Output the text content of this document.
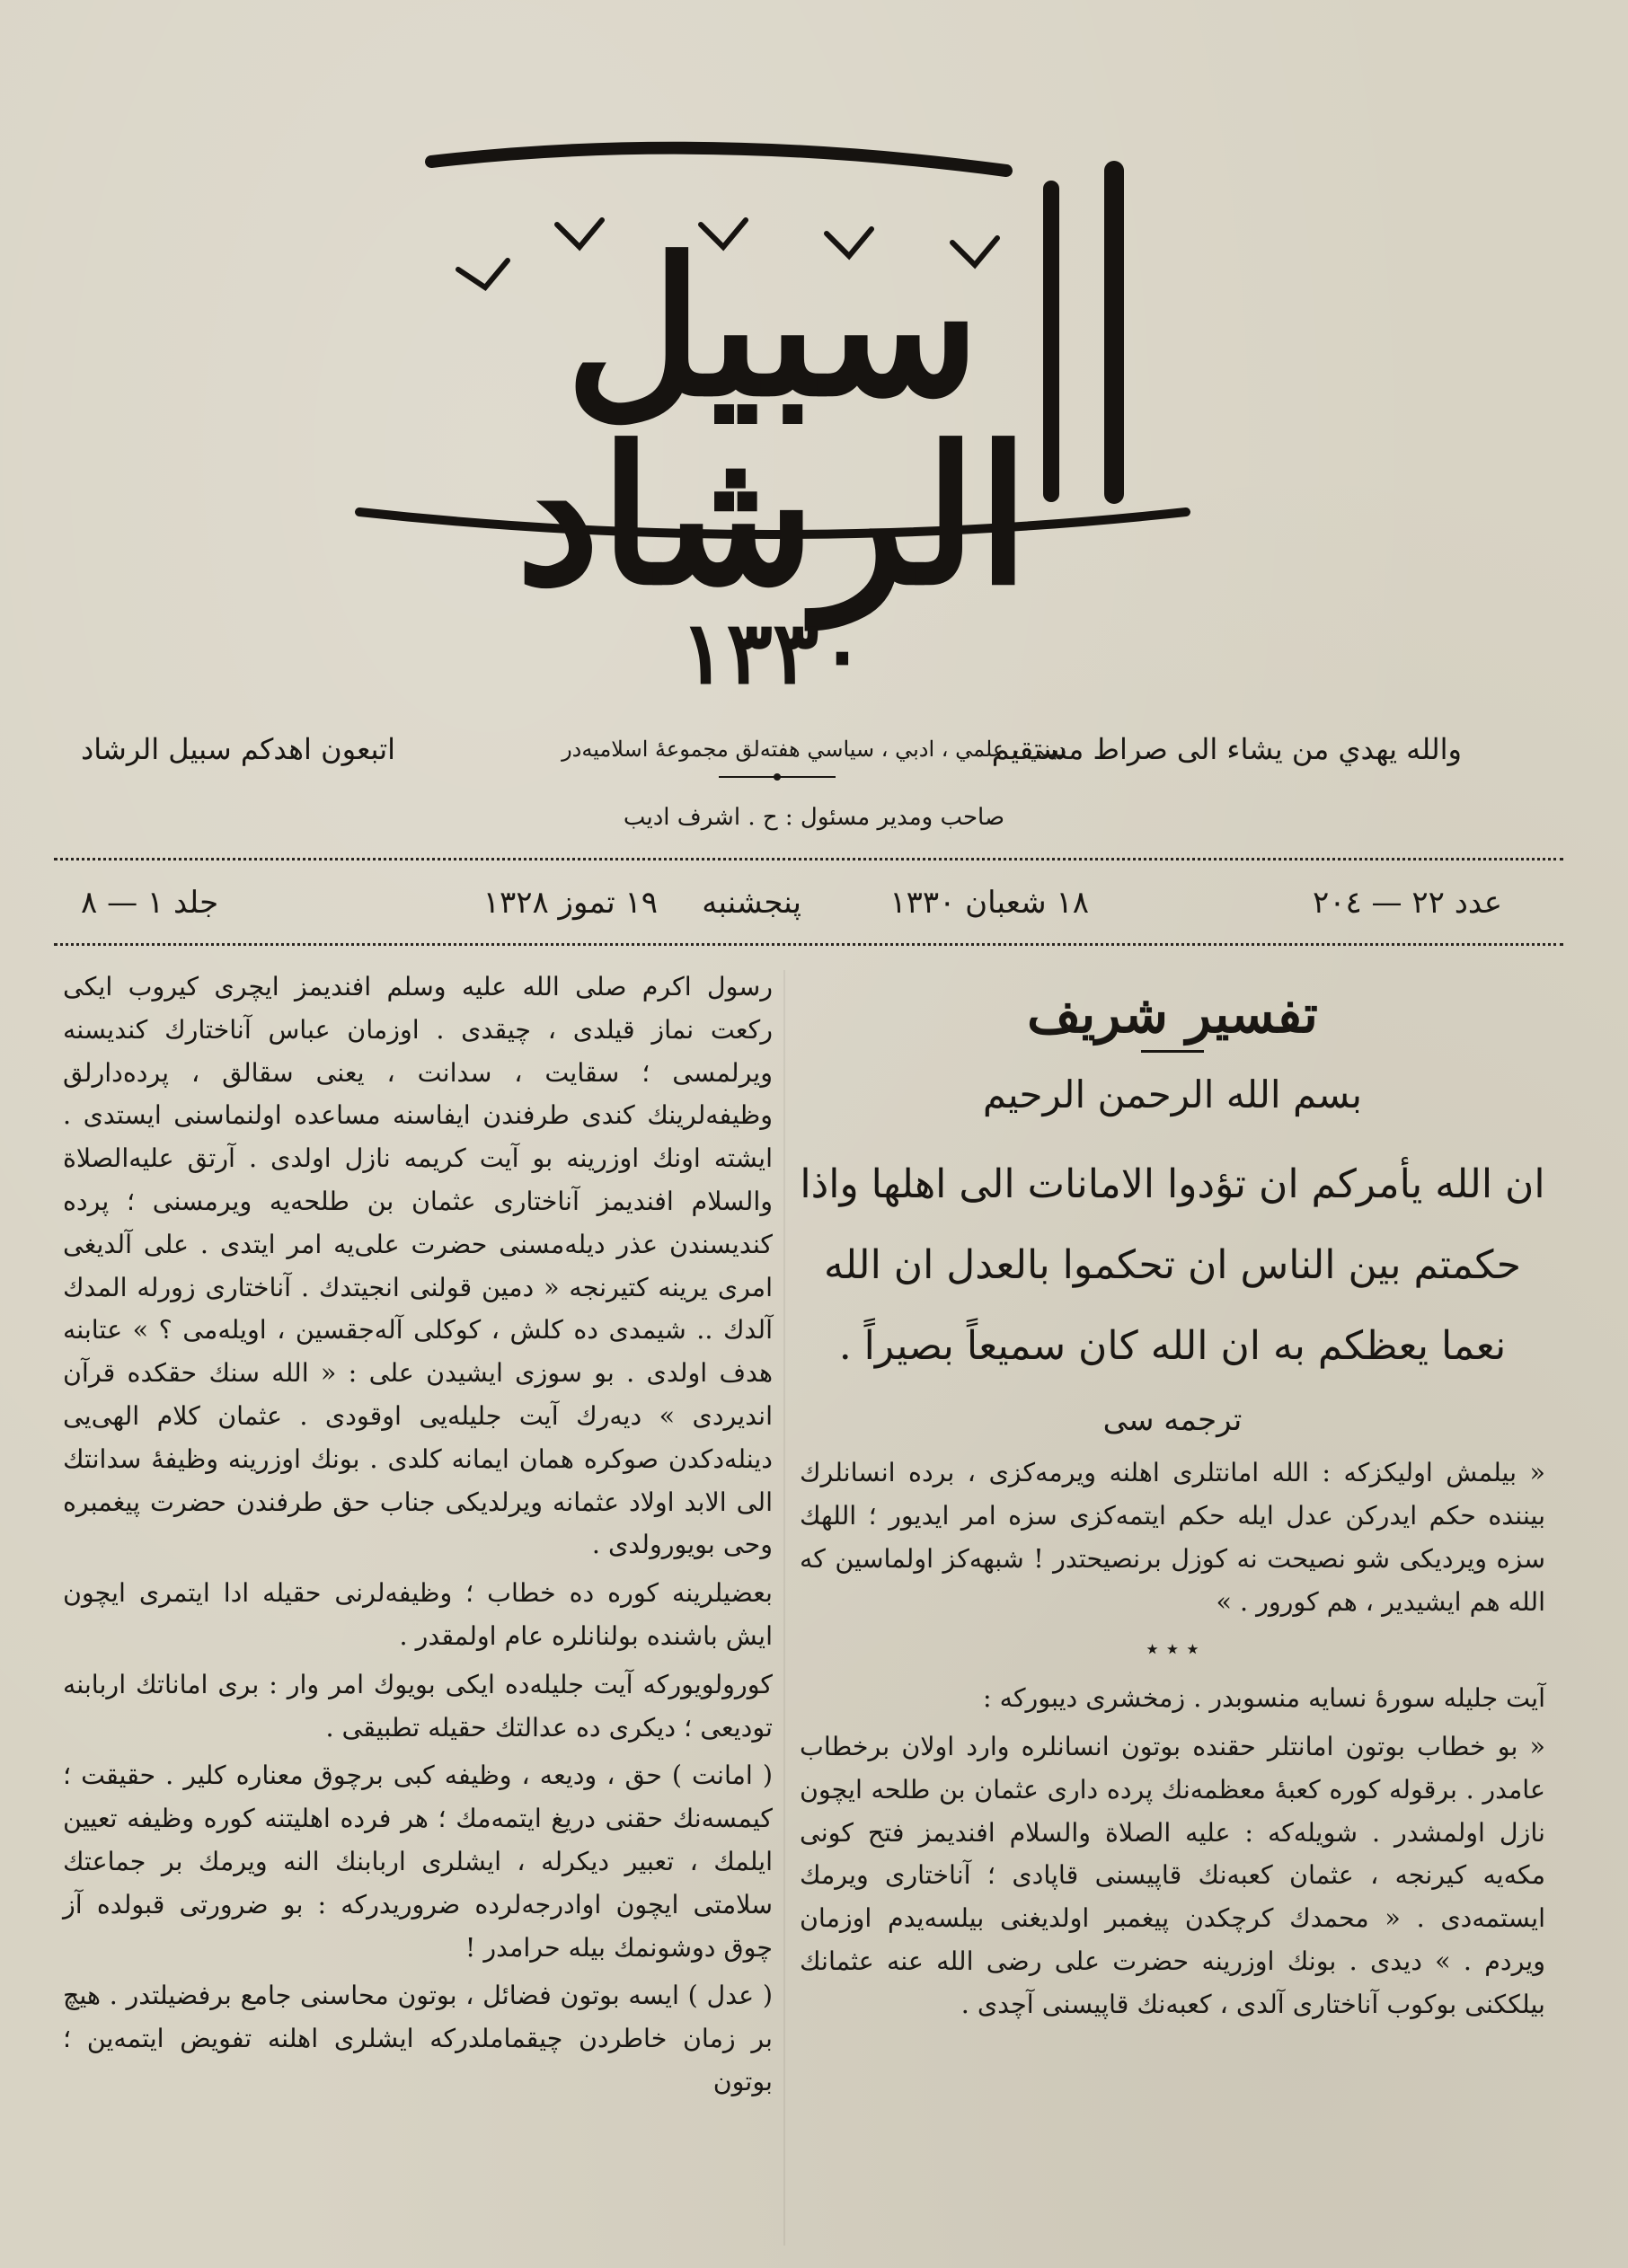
سبيل الرشاد
١٣٣٠
والله يهدي من يشاء الى صراط مستقيم
اتبعون اهدكم سبيل الرشاد	ديني ، علمي ، ادبي ، سياسي هفته‌لق مجموعهٔ اسلاميه‌در
صاحب ومدير مسئول : ح . اشرف اديب
عدد ٢٢ — ٢٠٤
١٨ شعبان ١٣٣٠
پنجشنبه
١٩ تموز ١٣٢٨
جلد ١ — ٨

رسول اكرم صلى الله عليه وسلم افنديمز ايچرى كيروب ايكى ركعت نماز قيلدى ، چيقدى . اوزمان عباس آناختارك كنديسنه ويرلمسى ؛ سقايت ، سدانت ، يعنى سقالق ، پرده‌دارلق وظيفه‌لرينك كندى طرفندن ايفاسنه مساعده اولنماسنى ايستدى . ايشته اونك اوزرينه بو آيت كريمه نازل اولدى . آرتق عليه‌الصلاة والسلام افنديمز آناختارى عثمان بن طلحه‌يه ويرمسنى ؛ پرده كنديسندن عذر ديله‌مسنى حضرت على‌يه امر ايتدى . على آلدیغی امرى يرينه كتيرنجه « دمين قولنى انجيتدك . آناختارى زورله المدك آلدك .. شيمدى ده كلش ، كوكلى آله‌جقسين ، اويله‌مى ؟ » عتابنه هدف اولدى . بو سوزى ايشيدن على : « الله سنك حقكده قرآن انديردى » ديه‌رك آيت جليله‌يى اوقودى . عثمان كلام الهى‌يى دينله‌دكدن صوكره همان ايمانه كلدى . بونك اوزرينه وظيفهٔ سدانتك الى الابد اولاد عثمانه ويرلديكى جناب حق طرفندن حضرت پيغمبره وحى بويورولدى .

بعضيلرينه كوره ده خطاب ؛ وظيفه‌لرنى حقيله ادا ايتمرى ايچون ايش باشنده بولنانلره عام اولمقدر .

كورولويوركه آيت جليله‌ده ايكى بويوك امر وار : برى اماناتك اربابنه توديعى ؛ ديكرى ده عدالتك حقيله تطبيقى .

( امانت ) حق ، وديعه ، وظيفه كبى برچوق معناره كلير . حقيقت ؛ كيمسه‌نك حقنى دريغ ايتمه‌مك ؛ هر فرده اهليتنه كوره وظيفه تعيين ايلمك ، تعبير ديكرله ، ايشلرى اربابنك النه ويرمك بر جماعتك سلامتى ايچون اوادرجه‌لرده ضروريدركه : بو ضرورتى قبولده آز چوق دوشونمك بيله حرامدر !

( عدل ) ايسه بوتون فضائل ، بوتون محاسنى جامع برفضيلتدر . هيچ بر زمان خاطردن چيقماملدركه ايشلرى اهلنه تفويض ايتمه‌ين ؛ بوتون

تفسير شريف
بسم الله الرحمن الرحيم
ان الله يأمركم ان تؤدوا الامانات الى اهلها واذا حكمتم بين الناس ان تحكموا بالعدل ان الله نعما يعظكم به ان الله كان سميعاً بصيراً .
ترجمه سى

« بيلمش اوليكزكه : الله امانتلرى اهلنه ويرمه‌كزى ، برده انسانلرك بيننده حكم ايدركن عدل ايله حكم ايتمه‌كزى سزه امر ايديور ؛ اللهك سزه ويرديكى شو نصيحت نه كوزل برنصيحتدر ! شبهه‌كز اولماسين كه الله هم ايشيدير ، هم كورور . »

٭ ٭ ٭

آيت جليله سورهٔ نسايه منسوبدر . زمخشرى ديبوركه :

« بو خطاب بوتون امانتلر حقنده بوتون انسانلره وارد اولان برخطاب عامدر . برقوله كوره كعبهٔ معظمه‌نك پرده دارى عثمان بن طلحه ايچون نازل اولمشدر . شويله‌كه : عليه الصلاة والسلام افنديمز فتح كونى مكه‌يه كيرنجه ، عثمان كعبه‌نك قاپيسنى قاپادى ؛ آناختارى ويرمك ايستمه‌دى . « محمدك كرچكدن پيغمبر اولديغنى بيلسه‌يدم اوزمان ويردم . » ديدى . بونك اوزرينه حضرت على رضى الله عنه عثمانك بيلككنى بوكوب آناختارى آلدى ، كعبه‌نك قاپيسنى آچدى .
